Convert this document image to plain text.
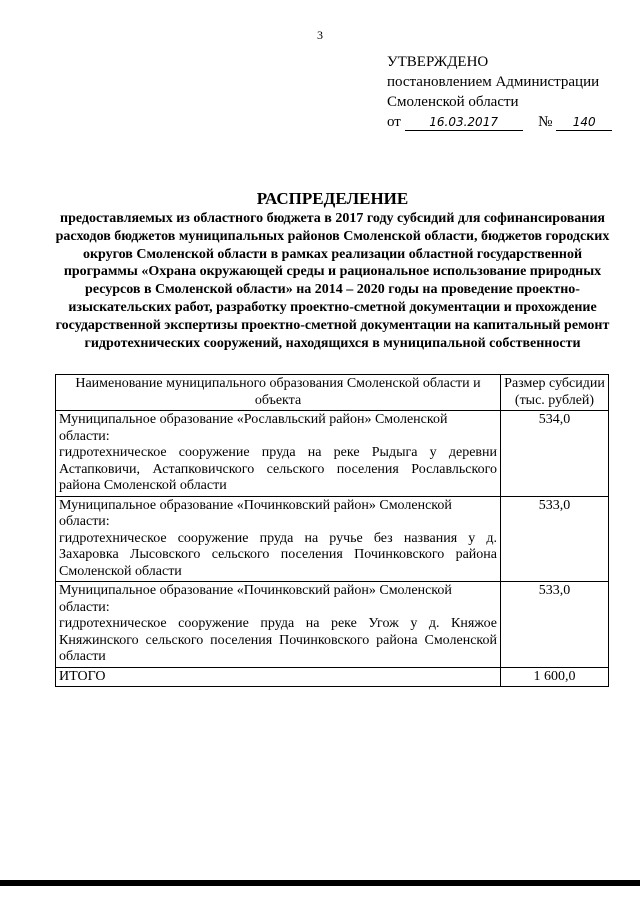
3
УТВЕРЖДЕНО
постановлением Администрации
Смоленской области
от 16.03.2017	№ 140
РАСПРЕДЕЛЕНИЕ
предоставляемых из областного бюджета в 2017 году субсидий для софинансирования расходов бюджетов муниципальных районов Смоленской области, бюджетов городских округов Смоленской области в рамках реализации областной государственной программы «Охрана окружающей среды и рациональное использование природных ресурсов в Смоленской области» на 2014 – 2020 годы на проведение проектно-изыскательских работ, разработку проектно-сметной документации и прохождение государственной экспертизы проектно-сметной документации на капитальный ремонт гидротехнических сооружений, находящихся в муниципальной собственности
Наименование муниципального образования Смоленской области и объекта	Размер субсидии (тыс. рублей)

Муниципальное образование «Рославльский район» Смоленской области:
гидротехническое сооружение пруда на реке Рыдыга у деревни Астапковичи, Астапковичского сельского поселения Рославльского района Смоленской области	534,0

Муниципальное образование «Починковский район» Смоленской области:
гидротехническое сооружение пруда на ручье без названия у д. Захаровка Лысовского сельского поселения Починковского района Смоленской области	533,0

Муниципальное образование «Починковский район» Смоленской области:
гидротехническое сооружение пруда на реке Угож у д. Княжое Княжинского сельского поселения Починковского района Смоленской области	533,0
ИТОГО	1 600,0
